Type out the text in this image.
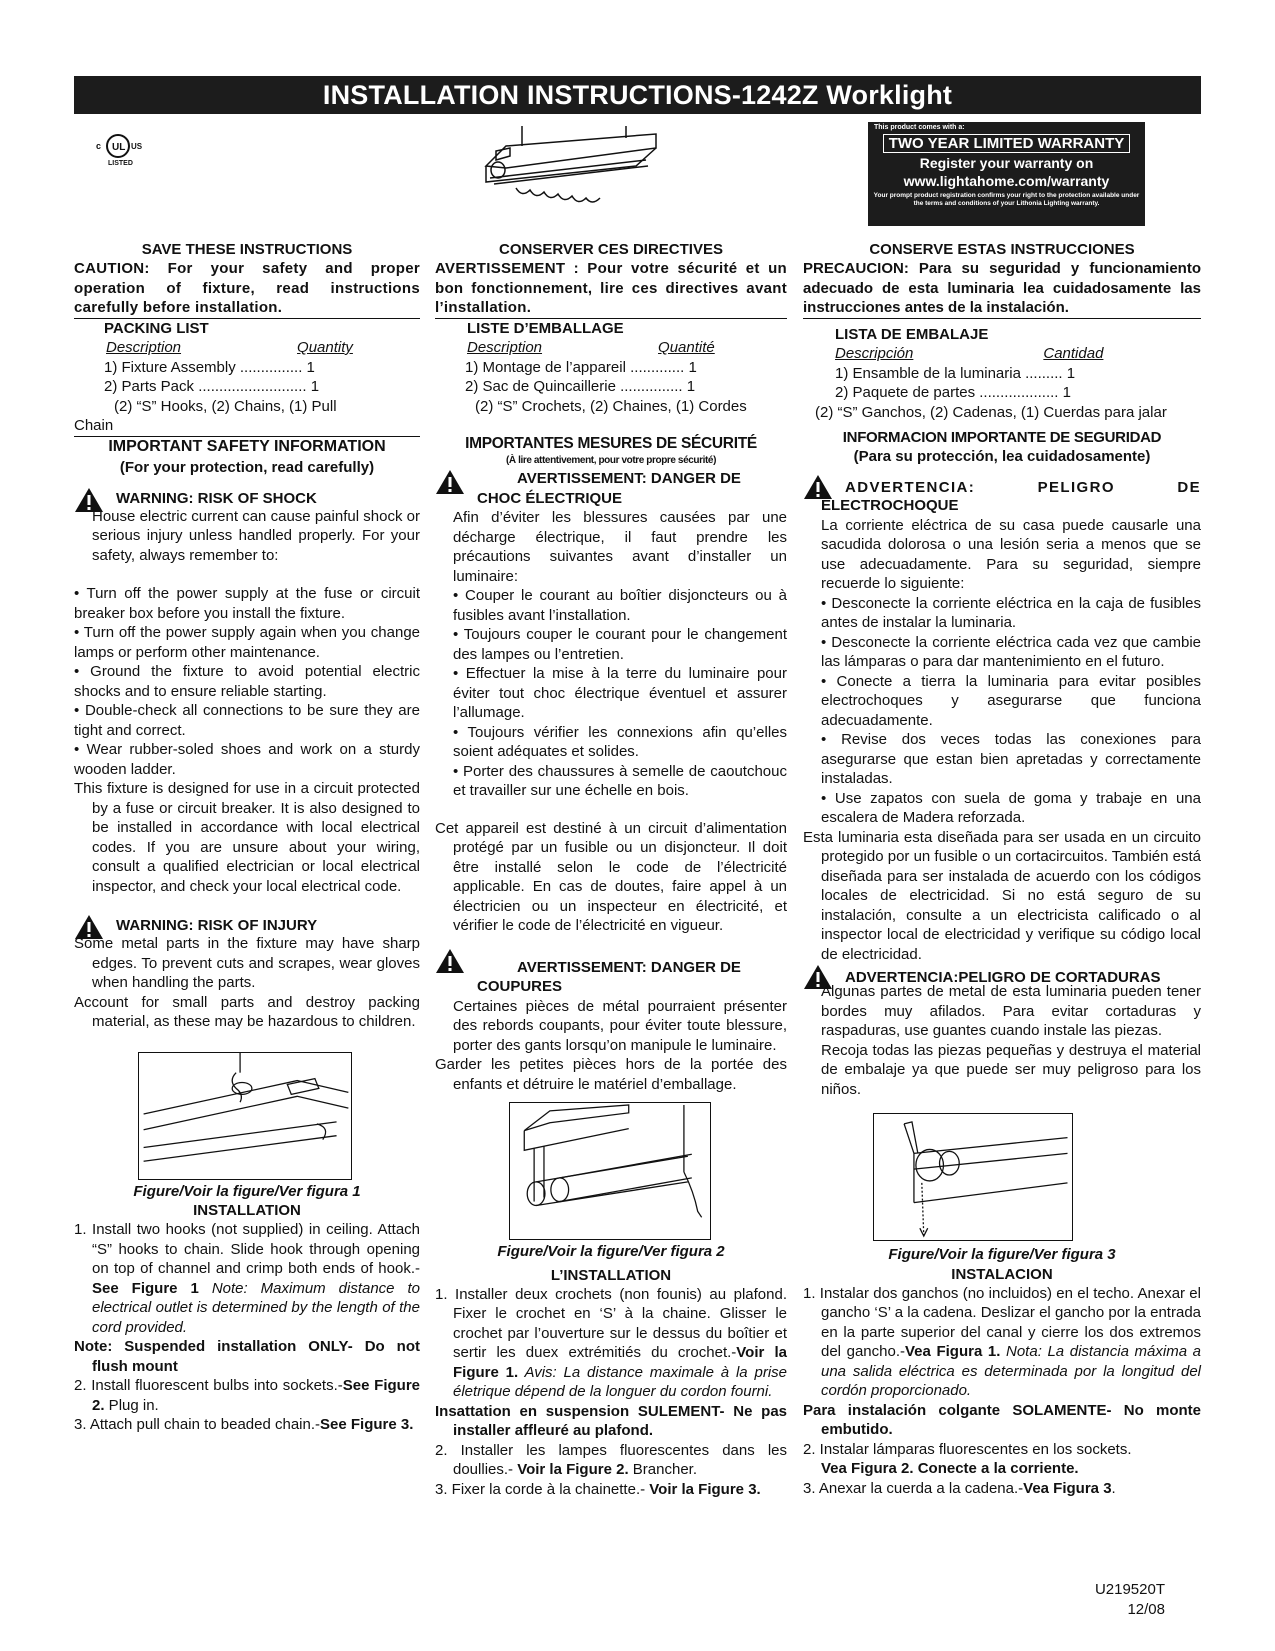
INSTALLATION INSTRUCTIONS-1242Z Worklight
UL
c	US
LISTED
This product comes with a:
TWO YEAR LIMITED WARRANTY
Register your warranty on
www.lightahome.com/warranty
Your prompt product registration confirms your right to the protection available under the terms and conditions of your Lithonia Lighting warranty.
SAVE THESE INSTRUCTIONS
CAUTION: For your safety and proper operation of fixture, read instructions carefully before installation.
PACKING LIST
Description	Quantity
1) Fixture Assembly ............... 1
2) Parts Pack .......................... 1
(2) “S” Hooks, (2) Chains, (1) Pull
Chain
IMPORTANT SAFETY INFORMATION
(For your protection, read carefully)
WARNING: RISK OF SHOCK
House electric current can cause painful shock or serious injury unless handled properly. For your safety, always remember to:
• Turn off the power supply at the fuse or circuit breaker box before you install the fixture.
• Turn off the power supply again when you change lamps or perform other maintenance.
• Ground the fixture to avoid potential electric shocks and to ensure reliable starting.
• Double-check all connections to be sure they are tight and correct.
• Wear rubber-soled shoes and work on a sturdy wooden ladder.
This fixture is designed for use in a circuit protected by a fuse or circuit breaker. It is also designed to be installed in accordance with local electrical codes. If you are unsure about your wiring, consult a qualified electrician or local electrical inspector, and check your local electrical code.
WARNING: RISK OF INJURY
Some metal parts in the fixture may have sharp edges. To prevent cuts and scrapes, wear gloves when handling the parts.
Account for small parts and destroy packing material, as these may be hazardous to children.
Figure/Voir la figure/Ver figura 1
INSTALLATION
1. Install two hooks (not supplied) in ceiling. Attach “S” hooks to chain. Slide hook through opening on top of channel and crimp both ends of hook.-See Figure 1 Note: Maximum distance to electrical outlet is determined by the length of the cord provided.
Note: Suspended installation ONLY- Do not flush mount
2. Install fluorescent bulbs into sockets.-See Figure 2. Plug in.
3. Attach pull chain to beaded chain.-See Figure 3.
CONSERVER CES DIRECTIVES
AVERTISSEMENT : Pour votre sécurité et un bon fonctionnement, lire ces directives avant l’installation.
LISTE D’EMBALLAGE
Description	Quantité
1) Montage de l’appareil ............. 1
2) Sac de Quincaillerie ............... 1
(2) “S” Crochets, (2) Chaines, (1) Cordes
IMPORTANTES MESURES DE SÉCURITÉ
(À lire attentivement, pour votre propre sécurité)
AVERTISSEMENT: DANGER DE CHOC ÉLECTRIQUE
Afin d’éviter les blessures causées par une décharge électrique, il faut prendre les précautions suivantes avant d’installer un luminaire:
• Couper le courant au boîtier disjoncteurs ou à fusibles avant l’installation.
• Toujours couper le courant pour le changement des lampes ou l’entretien.
• Effectuer la mise à la terre du luminaire pour éviter tout choc électrique éventuel et assurer l’allumage.
• Toujours vérifier les connexions afin qu’elles soient adéquates et solides.
• Porter des chaussures à semelle de caoutchouc et travailler sur une échelle en bois.
Cet appareil est destiné à un circuit d’alimentation protégé par un fusible ou un disjoncteur. Il doit être installé selon le code de l’électricité applicable. En cas de doutes, faire appel à un électricien ou un inspecteur en électricité, et vérifier le code de l’électricité en vigueur.
AVERTISSEMENT: DANGER DE COUPURES
Certaines pièces de métal pourraient présenter des rebords coupants, pour éviter toute blessure, porter des gants lorsqu’on manipule le luminaire.
Garder les petites pièces hors de la portée des enfants et détruire le matériel d’emballage.
Figure/Voir la figure/Ver figura 2
L’INSTALLATION
1. Installer deux crochets (non founis) au plafond. Fixer le crochet en ‘S’ à la chaine. Glisser le crochet par l’ouverture sur le dessus du boîtier et sertir les duex extrémitiés du crochet.-Voir la Figure 1. Avis: La distance maximale à la prise életrique dépend de la longuer du cordon fourni.
Insattation en suspension SULEMENT- Ne pas installer affleuré au plafond.
2. Installer les lampes fluorescentes dans les doullies.- Voir la Figure 2. Brancher.
3. Fixer la corde à la chainette.- Voir la Figure 3.
CONSERVE ESTAS INSTRUCCIONES
PRECAUCION: Para su seguridad y funcionamiento adecuado de esta luminaria lea cuidadosamente las instrucciones antes de la instalación.
LISTA DE EMBALAJE
Descripción	Cantidad
1) Ensamble de la luminaria ......... 1
2) Paquete de partes ................... 1
(2) “S” Ganchos, (2) Cadenas, (1) Cuerdas para jalar
INFORMACION IMPORTANTE DE SEGURIDAD
(Para su protección, lea cuidadosamente)
ADVERTENCIA: PELIGRO DE
ELECTROCHOQUE
La corriente eléctrica de su casa puede causarle una sacudida dolorosa o una lesión seria a menos que se use adecuadamente. Para su seguridad, siempre recuerde lo siguiente:
• Desconecte la corriente eléctrica en la caja de fusibles antes de instalar la luminaria.
• Desconecte la corriente eléctrica cada vez que cambie las lámparas o para dar mantenimiento en el futuro.
• Conecte a tierra la luminaria para evitar posibles electrochoques y asegurarse que funciona adecuadamente.
• Revise dos veces todas las conexiones para asegurarse que estan bien apretadas y correctamente instaladas.
• Use zapatos con suela de goma y trabaje en una escalera de Madera reforzada.
Esta luminaria esta diseñada para ser usada en un circuito protegido por un fusible o un cortacircuitos. También está diseñada para ser instalada de acuerdo con los códigos locales de electricidad. Si no está seguro de su instalación, consulte a un electricista calificado o al inspector local de electricidad y verifique su código local de electricidad.
ADVERTENCIA:PELIGRO DE CORTADURAS
Algunas partes de metal de esta luminaria pueden tener bordes muy afilados. Para evitar cortaduras y raspaduras, use guantes cuando instale las piezas.
Recoja todas las piezas pequeñas y destruya el material de embalaje ya que puede ser muy peligroso para los niños.
Figure/Voir la figure/Ver figura 3
INSTALACION
1. Instalar dos ganchos (no incluidos) en el techo. Anexar el gancho ‘S’ a la cadena. Deslizar el gancho por la entrada en la parte superior del canal y cierre los dos extremos del gancho.-Vea Figura 1. Nota: La distancia máxima a una salida eléctrica es determinada por la longitud del cordón proporcionado.
Para instalación colgante SOLAMENTE- No monte embutido.
2. Instalar lámparas fluorescentes en los sockets.
Vea Figura 2. Conecte a la corriente.
3. Anexar la cuerda a la cadena.-Vea Figura 3.
U219520T
12/08
